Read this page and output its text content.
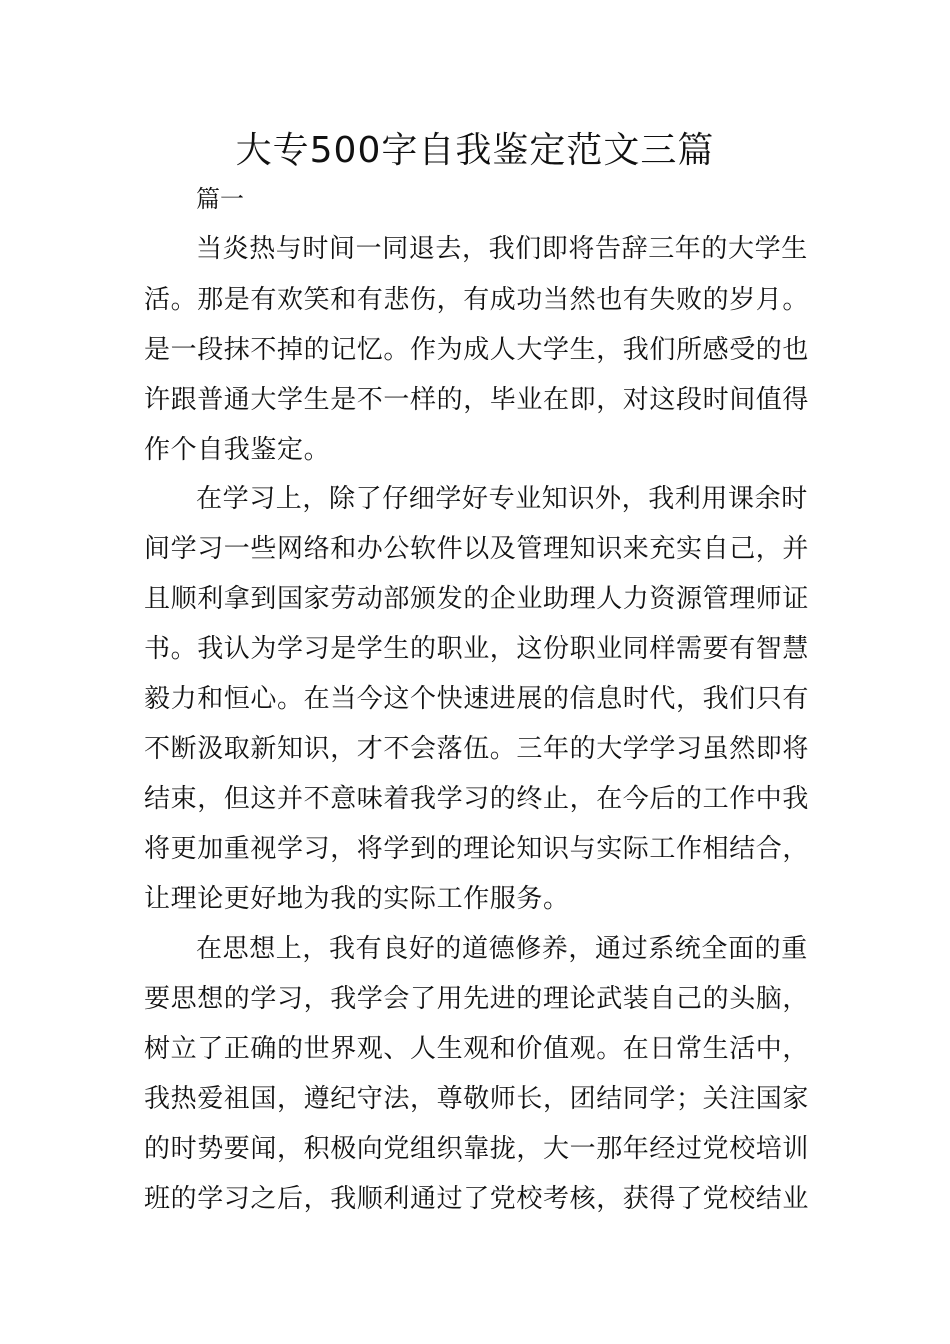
大专500字自我鉴定范文三篇
篇一
当炎热与时间一同退去，我们即将告辞三年的大学生
活。那是有欢笑和有悲伤，有成功当然也有失败的岁月。
是一段抹不掉的记忆。作为成人大学生，我们所感受的也
许跟普通大学生是不一样的，毕业在即，对这段时间值得
作个自我鉴定。
在学习上，除了仔细学好专业知识外，我利用课余时
间学习一些网络和办公软件以及管理知识来充实自己，并
且顺利拿到国家劳动部颁发的企业助理人力资源管理师证
书。我认为学习是学生的职业，这份职业同样需要有智慧
毅力和恒心。在当今这个快速进展的信息时代，我们只有
不断汲取新知识，才不会落伍。三年的大学学习虽然即将
结束，但这并不意味着我学习的终止，在今后的工作中我
将更加重视学习，将学到的理论知识与实际工作相结合，
让理论更好地为我的实际工作服务。
在思想上，我有良好的道德修养，通过系统全面的重
要思想的学习，我学会了用先进的理论武装自己的头脑，
树立了正确的世界观、人生观和价值观。在日常生活中，
我热爱祖国，遵纪守法，尊敬师长，团结同学；关注国家
的时势要闻，积极向党组织靠拢，大一那年经过党校培训
班的学习之后，我顺利通过了党校考核，获得了党校结业
